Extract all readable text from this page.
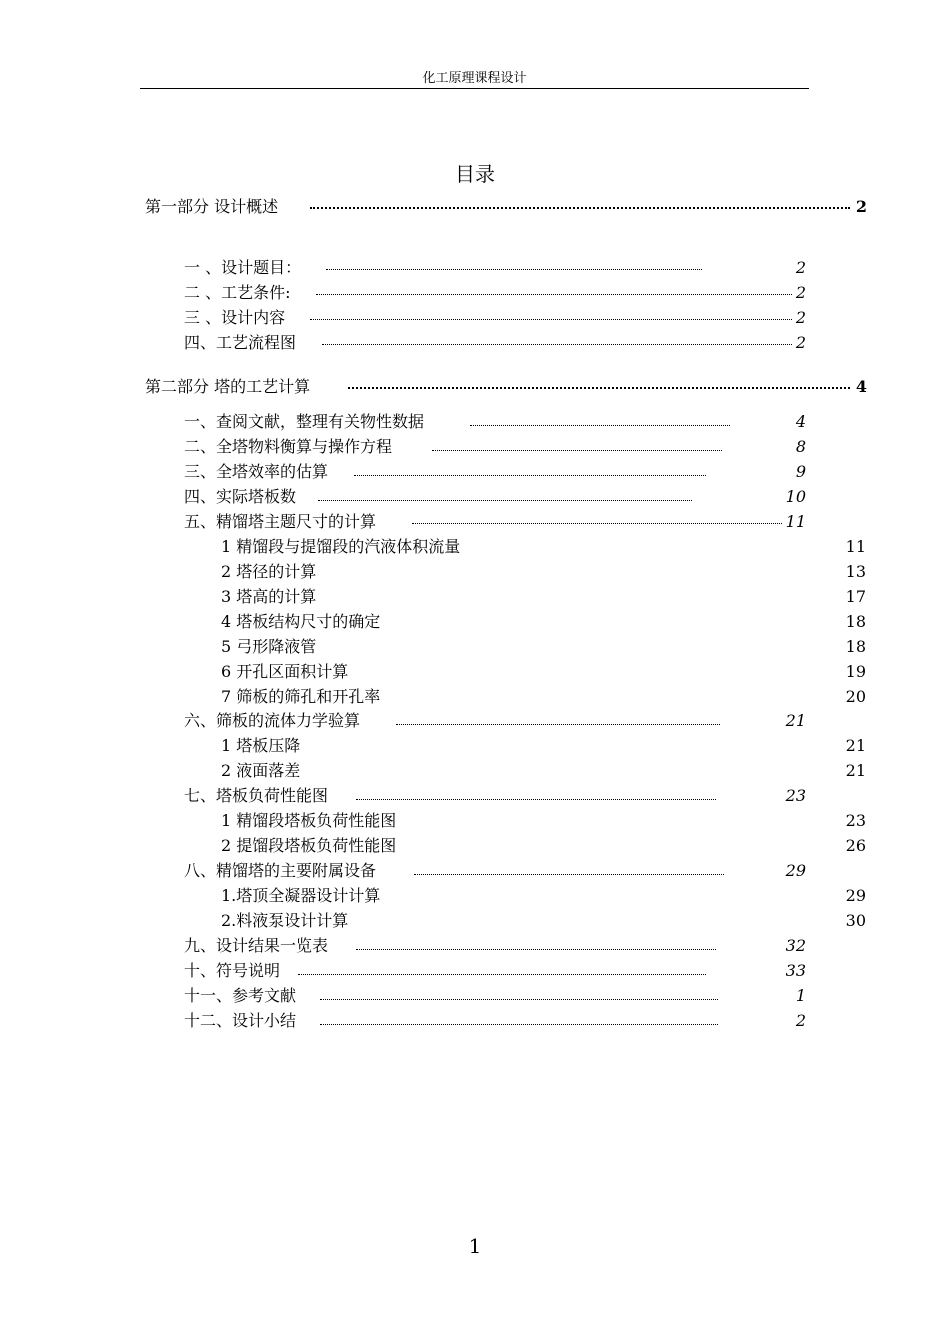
化工原理课程设计
目录
第一部分 设计概述	2
一 、设计题目：	2
二 、工艺条件:	2
三 、设计内容	2
四、工艺流程图	2
第二部分 塔的工艺计算	4
一、查阅文献，整理有关物性数据	4
二、全塔物料衡算与操作方程	8
三、全塔效率的估算	9
四、实际塔板数	10
五、精馏塔主题尺寸的计算	11
1 精馏段与提馏段的汽液体积流量	11
2 塔径的计算	13
3 塔高的计算	17
4 塔板结构尺寸的确定	18
5 弓形降液管	18
6 开孔区面积计算	19
7 筛板的筛孔和开孔率	20
六、筛板的流体力学验算	21
1 塔板压降	21
2 液面落差	21
七、塔板负荷性能图	23
1 精馏段塔板负荷性能图	23
2 提馏段塔板负荷性能图	26
八、精馏塔的主要附属设备	29
1.塔顶全凝器设计计算	29
2.料液泵设计计算	30
九、设计结果一览表	32
十、符号说明	33
十一、参考文献	1
十二、设计小结	2
1
